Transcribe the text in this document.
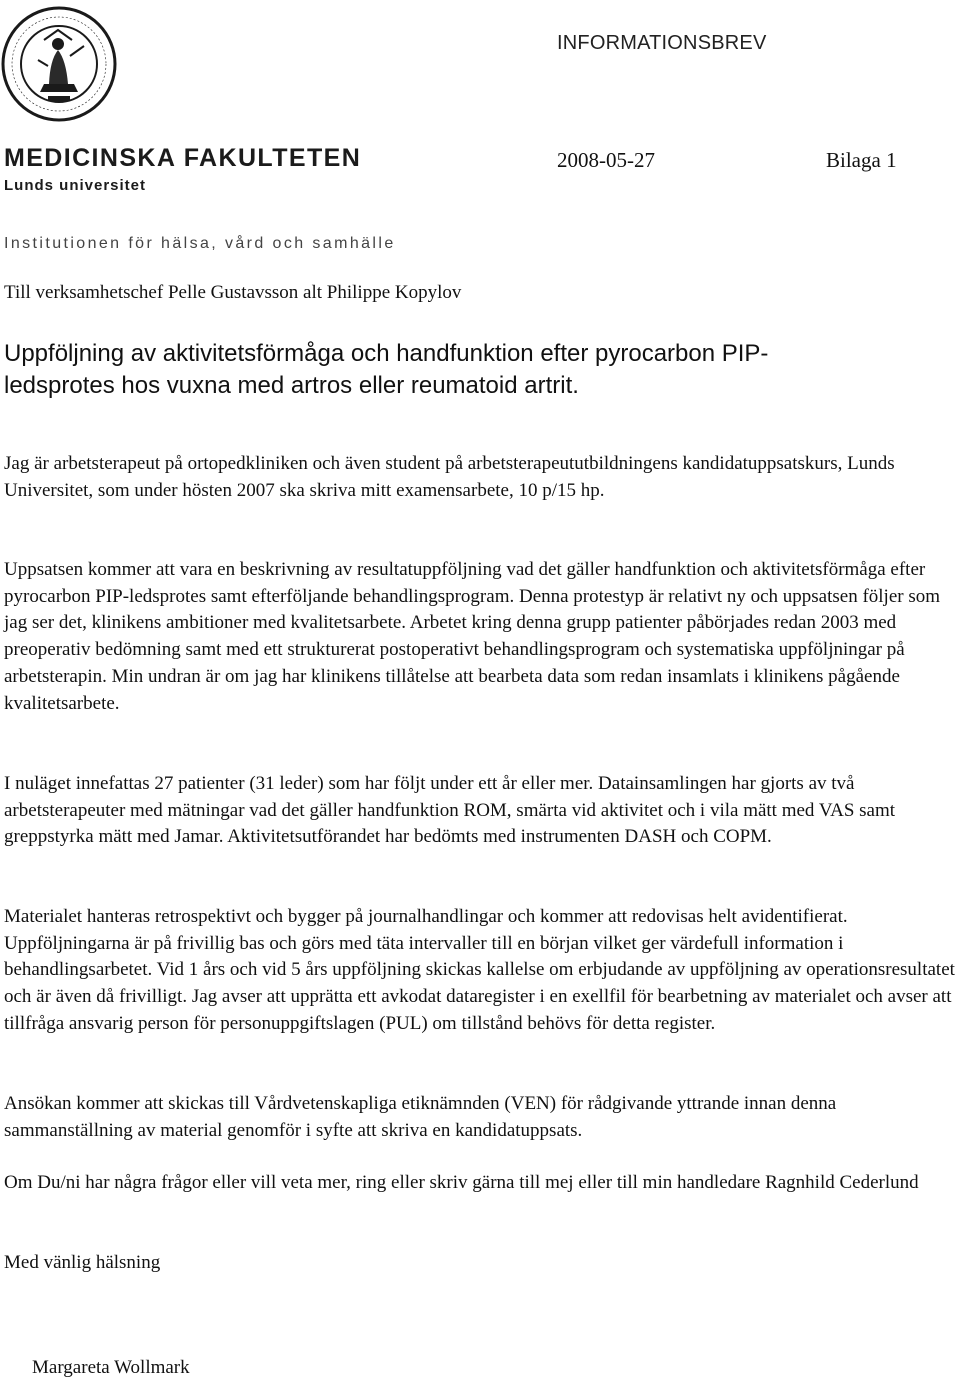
INFORMATIONSBREV
MEDICINSKA FAKULTETEN
Lunds universitet
2008-05-27	Bilaga 1
Institutionen för hälsa, vård och samhälle
Till verksamhetschef Pelle Gustavsson alt Philippe Kopylov
Uppföljning av aktivitetsförmåga och handfunktion efter pyrocarbon PIP-
ledsprotes hos vuxna med artros eller reumatoid artrit.

Jag är arbetsterapeut på ortopedkliniken och även student på arbetsterapeututbildningens kandidatuppsatskurs, Lunds Universitet, som under hösten 2007 ska skriva mitt examensarbete, 10 p/15 hp.

Uppsatsen kommer att vara en beskrivning av resultatuppföljning vad det gäller handfunktion och aktivitetsförmåga efter pyrocarbon PIP-ledsprotes samt efterföljande behandlingsprogram. Denna protestyp är relativt ny och uppsatsen följer som jag ser det, klinikens ambitioner med kvalitetsarbete. Arbetet kring denna grupp patienter påbörjades redan 2003 med preoperativ bedömning samt med ett strukturerat postoperativt behandlingsprogram och systematiska uppföljningar på arbetsterapin. Min undran är om jag har klinikens tillåtelse att bearbeta data som redan insamlats i klinikens pågående kvalitetsarbete.

I nuläget innefattas 27 patienter (31 leder) som har följt under ett år eller mer. Datainsamlingen har gjorts av två arbetsterapeuter med mätningar vad det gäller handfunktion ROM, smärta vid aktivitet och i vila mätt med VAS samt greppstyrka mätt med Jamar. Aktivitetsutförandet har bedömts med instrumenten DASH och COPM.

Materialet hanteras retrospektivt och bygger på journalhandlingar och kommer att redovisas helt avidentifierat. Uppföljningarna är på frivillig bas och görs med täta intervaller till en början vilket ger värdefull information i behandlingsarbetet. Vid 1 års och vid 5 års uppföljning skickas kallelse om erbjudande av uppföljning av operationsresultatet och är även då frivilligt. Jag avser att upprätta ett avkodat dataregister i en exellfil för bearbetning av materialet och avser att tillfråga ansvarig person för personuppgiftslagen (PUL) om tillstånd behövs för detta register.

Ansökan kommer att skickas till Vårdvetenskapliga etiknämnden (VEN) för rådgivande yttrande innan denna sammanställning av material genomför i syfte att skriva en kandidatuppsats.

Om Du/ni har några frågor eller vill veta mer, ring eller skriv gärna till mej eller till min handledare Ragnhild Cederlund

Med vänlig hälsning

Margareta Wollmark
